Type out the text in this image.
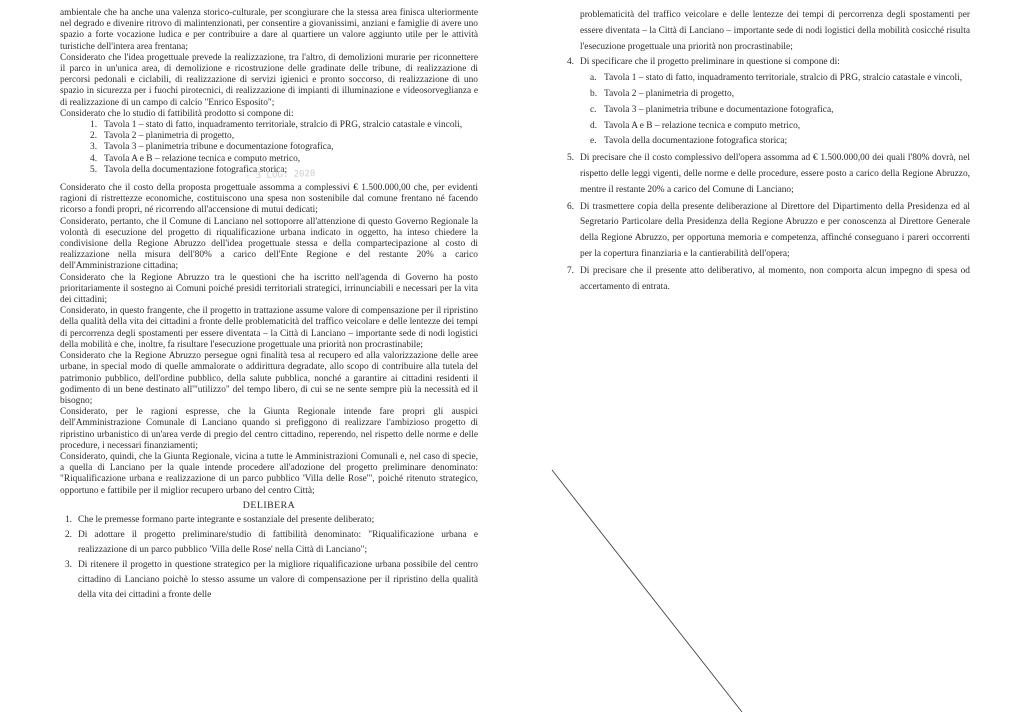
ambientale che ha anche una valenza storico-culturale, per scongiurare che la stessa area finisca ulteriormente nel degrado e divenire ritrovo di malintenzionati, per consentire a giovanissimi, anziani e famiglie di avere uno spazio a forte vocazione ludica e per contribuire a dare al quartiere un valore aggiunto utile per le attività turistiche dell'intera area frentana;

Considerato che l'idea progettuale prevede la realizzazione, tra l'altro, di demolizioni murarie per riconnettere il parco in un'unica area, di demolizione e ricostruzione delle gradinate delle tribune, di realizzazione di percorsi pedonali e ciclabili, di realizzazione di servizi igienici e pronto soccorso, di realizzazione di uno spazio in sicurezza per i fuochi pirotecnici, di realizzazione di impianti di illuminazione e videosorveglianza e di realizzazione di un campo di calcio "Enrico Esposito";

Considerato che lo studio di fattibilità prodotto si compone di:

1. Tavola 1 – stato di fatto, inquadramento territoriale, stralcio di PRG, stralcio catastale e vincoli,
2. Tavola 2 – planimetria di progetto,
3. Tavola 3 – planimetria tribune e documentazione fotografica,
4. Tavola A e B – relazione tecnica e computo metrico,
5. Tavola della documentazione fotografica storica;
- 3 LUG. 2020

Considerato che il costo della proposta progettuale assomma a complessivi € 1.500.000,00 che, per evidenti ragioni di ristrettezze economiche, costituiscono una spesa non sostenibile dal comune frentano né facendo ricorso a fondi propri, né ricorrendo all'accensione di mutui dedicati;

Considerato, pertanto, che il Comune di Lanciano nel sottoporre all'attenzione di questo Governo Regionale la volontà di esecuzione del progetto di riqualificazione urbana indicato in oggetto, ha inteso chiedere la condivisione della Regione Abruzzo dell'idea progettuale stessa e della compartecipazione al costo di realizzazione nella misura dell'80% a carico dell'Ente Regione e del restante 20% a carico dell'Amministrazione cittadina;

Considerato che la Regione Abruzzo tra le questioni che ha iscritto nell'agenda di Governo ha posto prioritariamente il sostegno ai Comuni poiché presidi territoriali strategici, irrinunciabili e necessari per la vita dei cittadini;

Considerato, in questo frangente, che il progetto in trattazione assume valore di compensazione per il ripristino della qualità della vita dei cittadini a fronte delle problematicità del traffico veicolare e delle lentezze dei tempi di percorrenza degli spostamenti per essere diventata – la Città di Lanciano – importante sede di nodi logistici della mobilità e che, inoltre, fa risultare l'esecuzione progettuale una priorità non procrastinabile;

Considerato che la Regione Abruzzo persegue ogni finalità tesa al recupero ed alla valorizzazione delle aree urbane, in special modo di quelle ammalorate o addirittura degradate, allo scopo di contribuire alla tutela del patrimonio pubblico, dell'ordine pubblico, della salute pubblica, nonché a garantire ai cittadini residenti il godimento di un bene destinato all'"utilizzo" del tempo libero, di cui se ne sente sempre più la necessità ed il bisogno;

Considerato, per le ragioni espresse, che la Giunta Regionale intende fare propri gli auspici dell'Amministrazione Comunale di Lanciano quando si prefiggono di realizzare l'ambizioso progetto di ripristino urbanistico di un'area verde di pregio del centro cittadino, reperendo, nel rispetto delle norme e delle procedure, i necessari finanziamenti;

Considerato, quindi, che la Giunta Regionale, vicina a tutte le Amministrazioni Comunali e, nel caso di specie, a quella di Lanciano per la quale intende procedere all'adozione del progetto preliminare denominato: "Riqualificazione urbana e realizzazione di un parco pubblico 'Villa delle Rose'", poiché ritenuto strategico, opportuno e fattibile per il miglior recupero urbano del centro Città;

DELIBERA
1. Che le premesse formano parte integrante e sostanziale del presente deliberato;
2. Di adottare il progetto preliminare/studio di fattibilità denominato: "Riqualificazione urbana e realizzazione di un parco pubblico 'Villa delle Rose' nella Città di Lanciano";
3. Di ritenere il progetto in questione strategico per la migliore riqualificazione urbana possibile del centro cittadino di Lanciano poichè lo stesso assume un valore di compensazione per il ripristino della qualità della vita dei cittadini a fronte delle

problematicità del traffico veicolare e delle lentezze dei tempi di percorrenza degli spostamenti per essere diventata – la Città di Lanciano – importante sede di nodi logistici della mobilità cosicché risulta l'esecuzione progettuale una priorità non procrastinabile;

4. Di specificare che il progetto preliminare in questione si compone di:
a. Tavola 1 – stato di fatto, inquadramento territoriale, stralcio di PRG, stralcio catastale e vincoli,
b. Tavola 2 – planimetria di progetto,
c. Tavola 3 – planimetria tribune e documentazione fotografica,
d. Tavola A e B – relazione tecnica e computo metrico,
e. Tavola della documentazione fotografica storica;
5. Di precisare che il costo complessivo dell'opera assomma ad € 1.500.000,00 dei quali l'80% dovrà, nel rispetto delle leggi vigenti, delle norme e delle procedure, essere posto a carico della Regione Abruzzo, mentre il restante 20% a carico del Comune di Lanciano;
6. Di trasmettere copia della presente deliberazione al Direttore del Dipartimento della Presidenza ed al Segretario Particolare della Presidenza della Regione Abruzzo e per conoscenza al Direttore Generale della Regione Abruzzo, per opportuna memoria e competenza, affinché conseguano i pareri occorrenti per la copertura finanziaria e la cantierabilità dell'opera;
7. Di precisare che il presente atto deliberativo, al momento, non comporta alcun impegno di spesa od accertamento di entrata.
